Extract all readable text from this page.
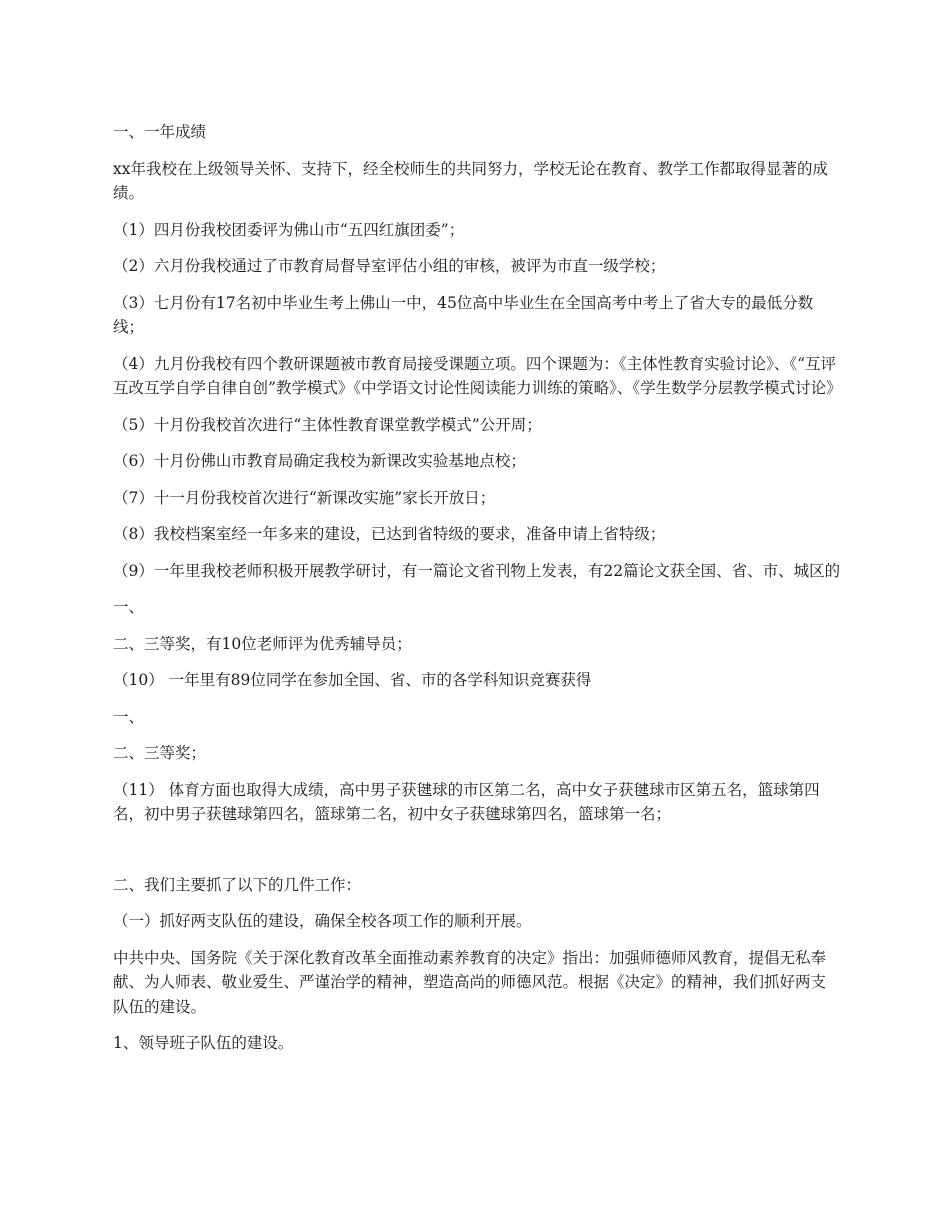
一、一年成绩

xx年我校在上级领导关怀、支持下，经全校师生的共同努力，学校无论在教育、教学工作都取得显著的成绩。

（1）四月份我校团委评为佛山市“五四红旗团委”；

（2）六月份我校通过了市教育局督导室评估小组的审核，被评为市直一级学校；

（3）七月份有17名初中毕业生考上佛山一中，45位高中毕业生在全国高考中考上了省大专的最低分数线；

（4）九月份我校有四个教研课题被市教育局接受课题立项。四个课题为：《主体性教育实验讨论》、《“互评互改互学自学自律自创”教学模式》《中学语文讨论性阅读能力训练的策略》、《学生数学分层教学模式讨论》

（5）十月份我校首次进行“主体性教育课堂教学模式”公开周；

（6）十月份佛山市教育局确定我校为新课改实验基地点校；

（7）十一月份我校首次进行“新课改实施”家长开放日；

（8）我校档案室经一年多来的建设，已达到省特级的要求，准备申请上省特级；

（9）一年里我校老师积极开展教学研讨，有一篇论文省刊物上发表，有22篇论文获全国、省、市、城区的

一、

二、三等奖，有10位老师评为优秀辅导员；

（10） 一年里有89位同学在参加全国、省、市的各学科知识竞赛获得

一、

二、三等奖；

（11） 体育方面也取得大成绩，高中男子获毽球的市区第二名，高中女子获毽球市区第五名，篮球第四名，初中男子获毽球第四名，篮球第二名，初中女子获毽球第四名，篮球第一名；

二、我们主要抓了以下的几件工作：

（一）抓好两支队伍的建设，确保全校各项工作的顺利开展。

中共中央、国务院《关于深化教育改革全面推动素养教育的决定》指出：加强师德师风教育，提倡无私奉献、为人师表、敬业爱生、严谨治学的精神，塑造高尚的师德风范。根据《决定》的精神，我们抓好两支队伍的建设。

1、领导班子队伍的建设。
